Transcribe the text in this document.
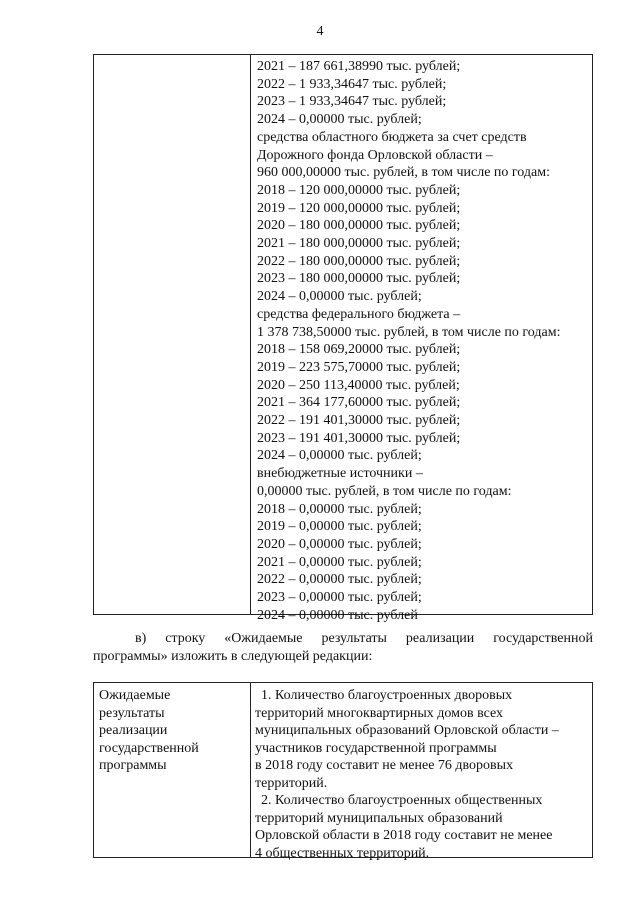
4
2021 – 187 661,38990 тыс. рублей;
2022 – 1 933,34647 тыс. рублей;
2023 – 1 933,34647 тыс. рублей;
2024 – 0,00000 тыс. рублей;
средства областного бюджета за счет средств
Дорожного фонда Орловской области –
960 000,00000 тыс. рублей, в том числе по годам:
2018 – 120 000,00000 тыс. рублей;
2019 – 120 000,00000 тыс. рублей;
2020 – 180 000,00000 тыс. рублей;
2021 – 180 000,00000 тыс. рублей;
2022 – 180 000,00000 тыс. рублей;
2023 – 180 000,00000 тыс. рублей;
2024 – 0,00000 тыс. рублей;
средства федерального бюджета –
1 378 738,50000 тыс. рублей, в том числе по годам:
2018 – 158 069,20000 тыс. рублей;
2019 – 223 575,70000 тыс. рублей;
2020 – 250 113,40000 тыс. рублей;
2021 – 364 177,60000 тыс. рублей;
2022 – 191 401,30000 тыс. рублей;
2023 – 191 401,30000 тыс. рублей;
2024 – 0,00000 тыс. рублей;
внебюджетные источники –
0,00000 тыс. рублей, в том числе по годам:
2018 – 0,00000 тыс. рублей;
2019 – 0,00000 тыс. рублей;
2020 – 0,00000 тыс. рублей;
2021 – 0,00000 тыс. рублей;
2022 – 0,00000 тыс. рублей;
2023 – 0,00000 тыс. рублей;
2024 – 0,00000 тыс. рублей
в) строку «Ожидаемые результаты реализации государственной
программы» изложить в следующей редакции:
Ожидаемые
результаты
реализации
государственной
программы
1. Количество благоустроенных дворовых
территорий многоквартирных домов всех
муниципальных образований Орловской области –
участников государственной программы
в 2018 году составит не менее 76 дворовых
территорий.
2. Количество благоустроенных общественных
территорий муниципальных образований
Орловской области в 2018 году составит не менее
4 общественных территорий.
